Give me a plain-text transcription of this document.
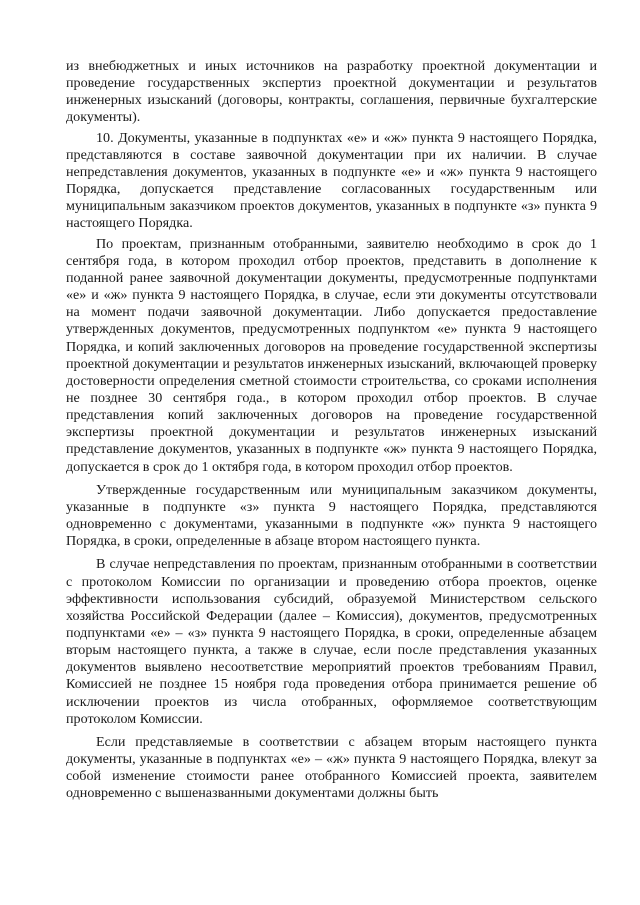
из внебюджетных и иных источников на разработку проектной документации и проведение государственных экспертиз проектной документации и результатов инженерных изысканий (договоры, контракты, соглашения, первичные бухгалтерские документы).

10. Документы, указанные в подпунктах «е» и «ж» пункта 9 настоящего Порядка, представляются в составе заявочной документации при их наличии. В случае непредставления документов, указанных в подпункте «е» и «ж» пункта 9 настоящего Порядка, допускается представление согласованных государственным или муниципальным заказчиком проектов документов, указанных в подпункте «з» пункта 9 настоящего Порядка.

По проектам, признанным отобранными, заявителю необходимо в срок до 1 сентября года, в котором проходил отбор проектов, представить в дополнение к поданной ранее заявочной документации документы, предусмотренные подпунктами «е» и «ж» пункта 9 настоящего Порядка, в случае, если эти документы отсутствовали на момент подачи заявочной документации. Либо допускается предоставление утвержденных документов, предусмотренных подпунктом «е» пункта 9 настоящего Порядка, и копий заключенных договоров на проведение государственной экспертизы проектной документации и результатов инженерных изысканий, включающей проверку достоверности определения сметной стоимости строительства, со сроками исполнения не позднее 30 сентября года., в котором проходил отбор проектов. В случае представления копий заключенных договоров на проведение государственной экспертизы проектной документации и результатов инженерных изысканий представление документов, указанных в подпункте «ж» пункта 9 настоящего Порядка, допускается в срок до 1 октября года, в котором проходил отбор проектов.

Утвержденные государственным или муниципальным заказчиком документы, указанные в подпункте «з» пункта 9 настоящего Порядка, представляются одновременно с документами, указанными в подпункте «ж» пункта 9 настоящего Порядка, в сроки, определенные в абзаце втором настоящего пункта.

В случае непредставления по проектам, признанным отобранными в соответствии с протоколом Комиссии по организации и проведению отбора проектов, оценке эффективности использования субсидий, образуемой Министерством сельского хозяйства Российской Федерации (далее – Комиссия), документов, предусмотренных подпунктами «е» – «з» пункта 9 настоящего Порядка, в сроки, определенные абзацем вторым настоящего пункта, а также в случае, если после представления указанных документов выявлено несоответствие мероприятий проектов требованиям Правил, Комиссией не позднее 15 ноября года проведения отбора принимается решение об исключении проектов из числа отобранных, оформляемое соответствующим протоколом Комиссии.

Если представляемые в соответствии с абзацем вторым настоящего пункта документы, указанные в подпунктах «е» – «ж» пункта 9 настоящего Порядка, влекут за собой изменение стоимости ранее отобранного Комиссией проекта, заявителем одновременно с вышеназванными документами должны быть
